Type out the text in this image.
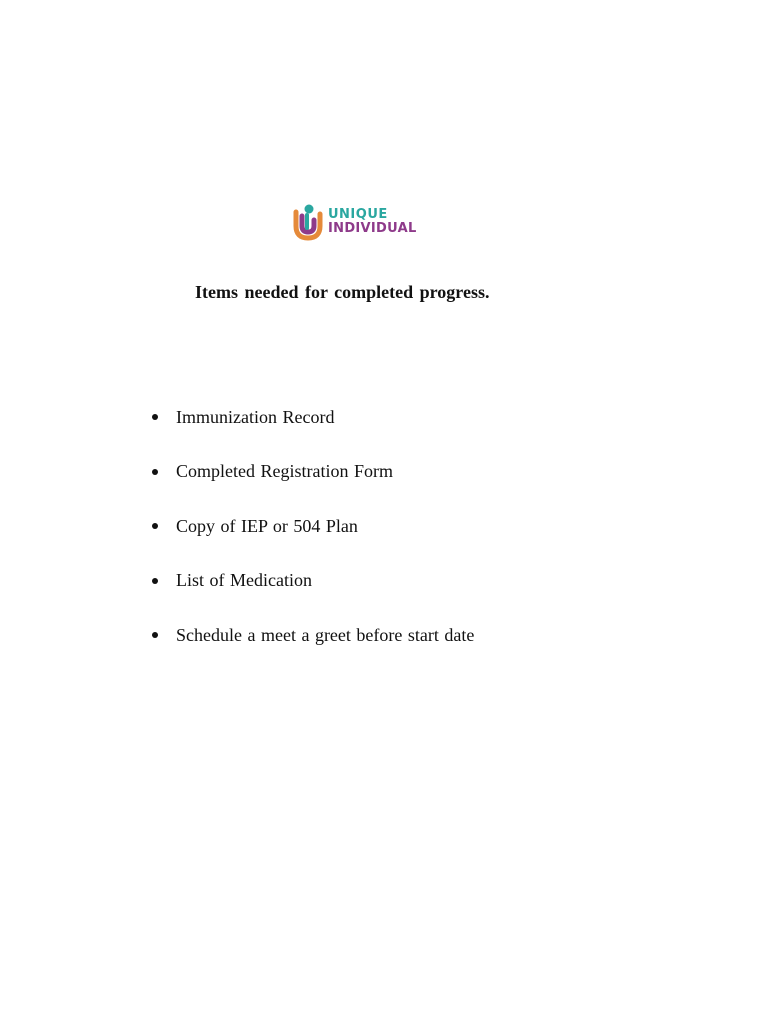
UNIQUE
INDIVIDUAL
Items needed for completed progress.
Immunization Record
Completed Registration Form
Copy of IEP or 504 Plan
List of Medication
Schedule a meet a greet before start date
